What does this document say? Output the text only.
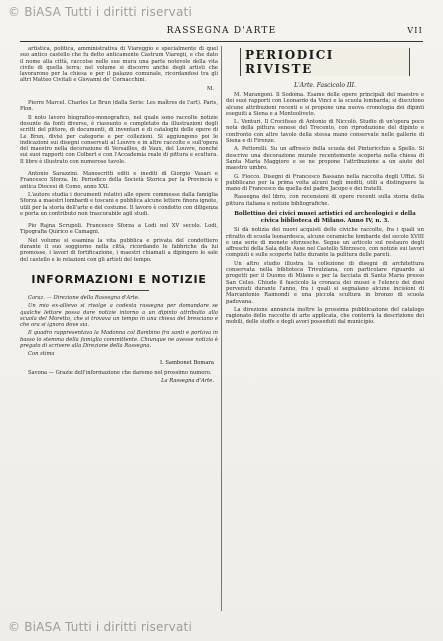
© BiASA Tutti i diritti riservati
RASSEGNA D'ARTE	VII

artistica, politica, amministrativa di Viareggio e specialmente di quel suo antico castello che fu detto anticamente Castrum Viaregii, e che dato il nome alla città, raccolse nelle sue mura una parte notevole della vita civile di quella terra; nel volume si discorre anche degli artisti che lavorarono per la chiesa e per il palazzo comunale, ricordandosi tra gli altri Matteo Civitali e Giovanni de' Cornacchini.

M.

Pierre Marcel. Charles Le Brun (dalla Serie: Les maîtres de l'art). Paris, Plon.

Il noto lavoro biografico-monografico, nel quale sono raccolte notizie desunte da fonti diverse, è riassunto e completato da illustrazioni degli scritti del pittore, di documenti, di inventari e di cataloghi delle opere di Le Brun, divisi per categorie e per collezioni. Si aggiungono poi le indicazioni sui disegni conservati al Louvre e in altre raccolte e sull'opera del maestro nella decorazione di Versailles, di Vaux, del Louvre, nonché sui suoi rapporti con Colbert e con l'Accademia reale di pittura e scultura. Il libro è illustrato con numerose tavole.

Antonio Sarazzini. Manoscritti editi e inediti di Giorgio Vasari e Francesco Sforza. In: Periodico della Società Storica per la Provincia e antica Diocesi di Como, anno XXI.

L'autore studia i documenti relativi alle opere commesse dalla famiglia Sforza a maestri lombardi e toscani e pubblica alcune lettere finora ignote, utili per la storia dell'arte e del costume. Il lavoro è condotto con diligenza e porta un contributo non trascurabile agli studi.

Pio Rajna Scrupoli. Francesco Sforza a Lodi nel XV secolo. Lodi, Tipografia Quirico e Camagni.

Nel volume si esamina la vita pubblica e privata del condottiero durante il suo soggiorno nella città, ricordando le fabbriche da lui promosse, i lavori di fortificazione, i maestri chiamati a dipingere le sale del castello e le relazioni con gli artisti del tempo.

INFORMAZIONI E NOTIZIE

Caraz. — Direzione della Rassegna d'Arte.

Un mio ex-allievo si rivolge a codesta rassegna per domandare se qualche lettore possa dare notizie intorno a un dipinto attribuito alla scuola del Moretto, che si trovava un tempo in una chiesa del bresciano e che ora si ignora dove sia.

Il quadro rappresentava la Madonna col Bambino fra santi e portava in basso lo stemma della famiglia committente. Chiunque ne avesse notizia è pregato di scrivere alla Direzione della Rassegna.

Con stima

I. Sambonet Bomara

Savona — Grazie dell'informazione che daremo nel prossimo numero.

La Rassegna d'Arte.

PERIODICI RIVISTE
L'Arte. Fascicolo III.

M. Marangoni. Il Sodoma. Esame delle opere principali del maestro e dei suoi rapporti con Leonardo da Vinci e la scuola lombarda; si discutono alcune attribuzioni recenti e si propone una nuova cronologia dei dipinti eseguiti a Siena e a Monteoliveto.

L. Venturi. Il Crocifisso di Antonio di Niccolò. Studio di un'opera poco nota della pittura senese del Trecento, con riproduzione del dipinto e confronto con altre tavole della stessa mano conservate nelle gallerie di Siena e di Firenze.

A. Pettorelli. Su un affresco della scuola del Pinturicchio a Spello. Si descrive una decorazione murale recentemente scoperta nella chiesa di Santa Maria Maggiore e se ne propone l'attribuzione a un aiuto del maestro umbro.

G. Fiocco. Disegni di Francesco Bassano nella raccolta degli Uffizi. Si pubblicano per la prima volta alcuni fogli inediti, utili a distinguere la mano di Francesco da quella del padre Jacopo e dei fratelli.

Rassegna del libro, con recensioni di opere recenti sulla storia della pittura italiana e notizie bibliografiche.

Bollettino dei civici musei artistici ed archeologici e della civica biblioteca di Milano. Anno IV, n. 3.

Si dà notizia dei nuovi acquisti delle civiche raccolte, fra i quali un ritratto di scuola leonardesca, alcune ceramiche lombarde del secolo XVIII e una serie di monete sforzesche. Segue un articolo sul restauro degli affreschi della Sala delle Asse nel Castello Sforzesco, con notizie sui lavori compiuti e sulle scoperte fatte durante la pulitura delle pareti.

Un altro studio illustra la collezione di disegni di architettura conservata nella biblioteca Trivulziana, con particolare riguardo ai progetti per il Duomo di Milano e per la facciata di Santa Maria presso San Celso. Chiude il fascicolo la cronaca dei musei e l'elenco dei doni pervenuti durante l'anno, fra i quali si segnalano alcune incisioni di Marcantonio Raimondi e una piccola scultura in bronzo di scuola padovana.

La direzione annuncia inoltre la prossima pubblicazione del catalogo ragionato delle raccolte di arte applicata, che conterrà la descrizione dei mobili, delle stoffe e degli avori posseduti dal municipio.

© BiASA Tutti i diritti riservati
